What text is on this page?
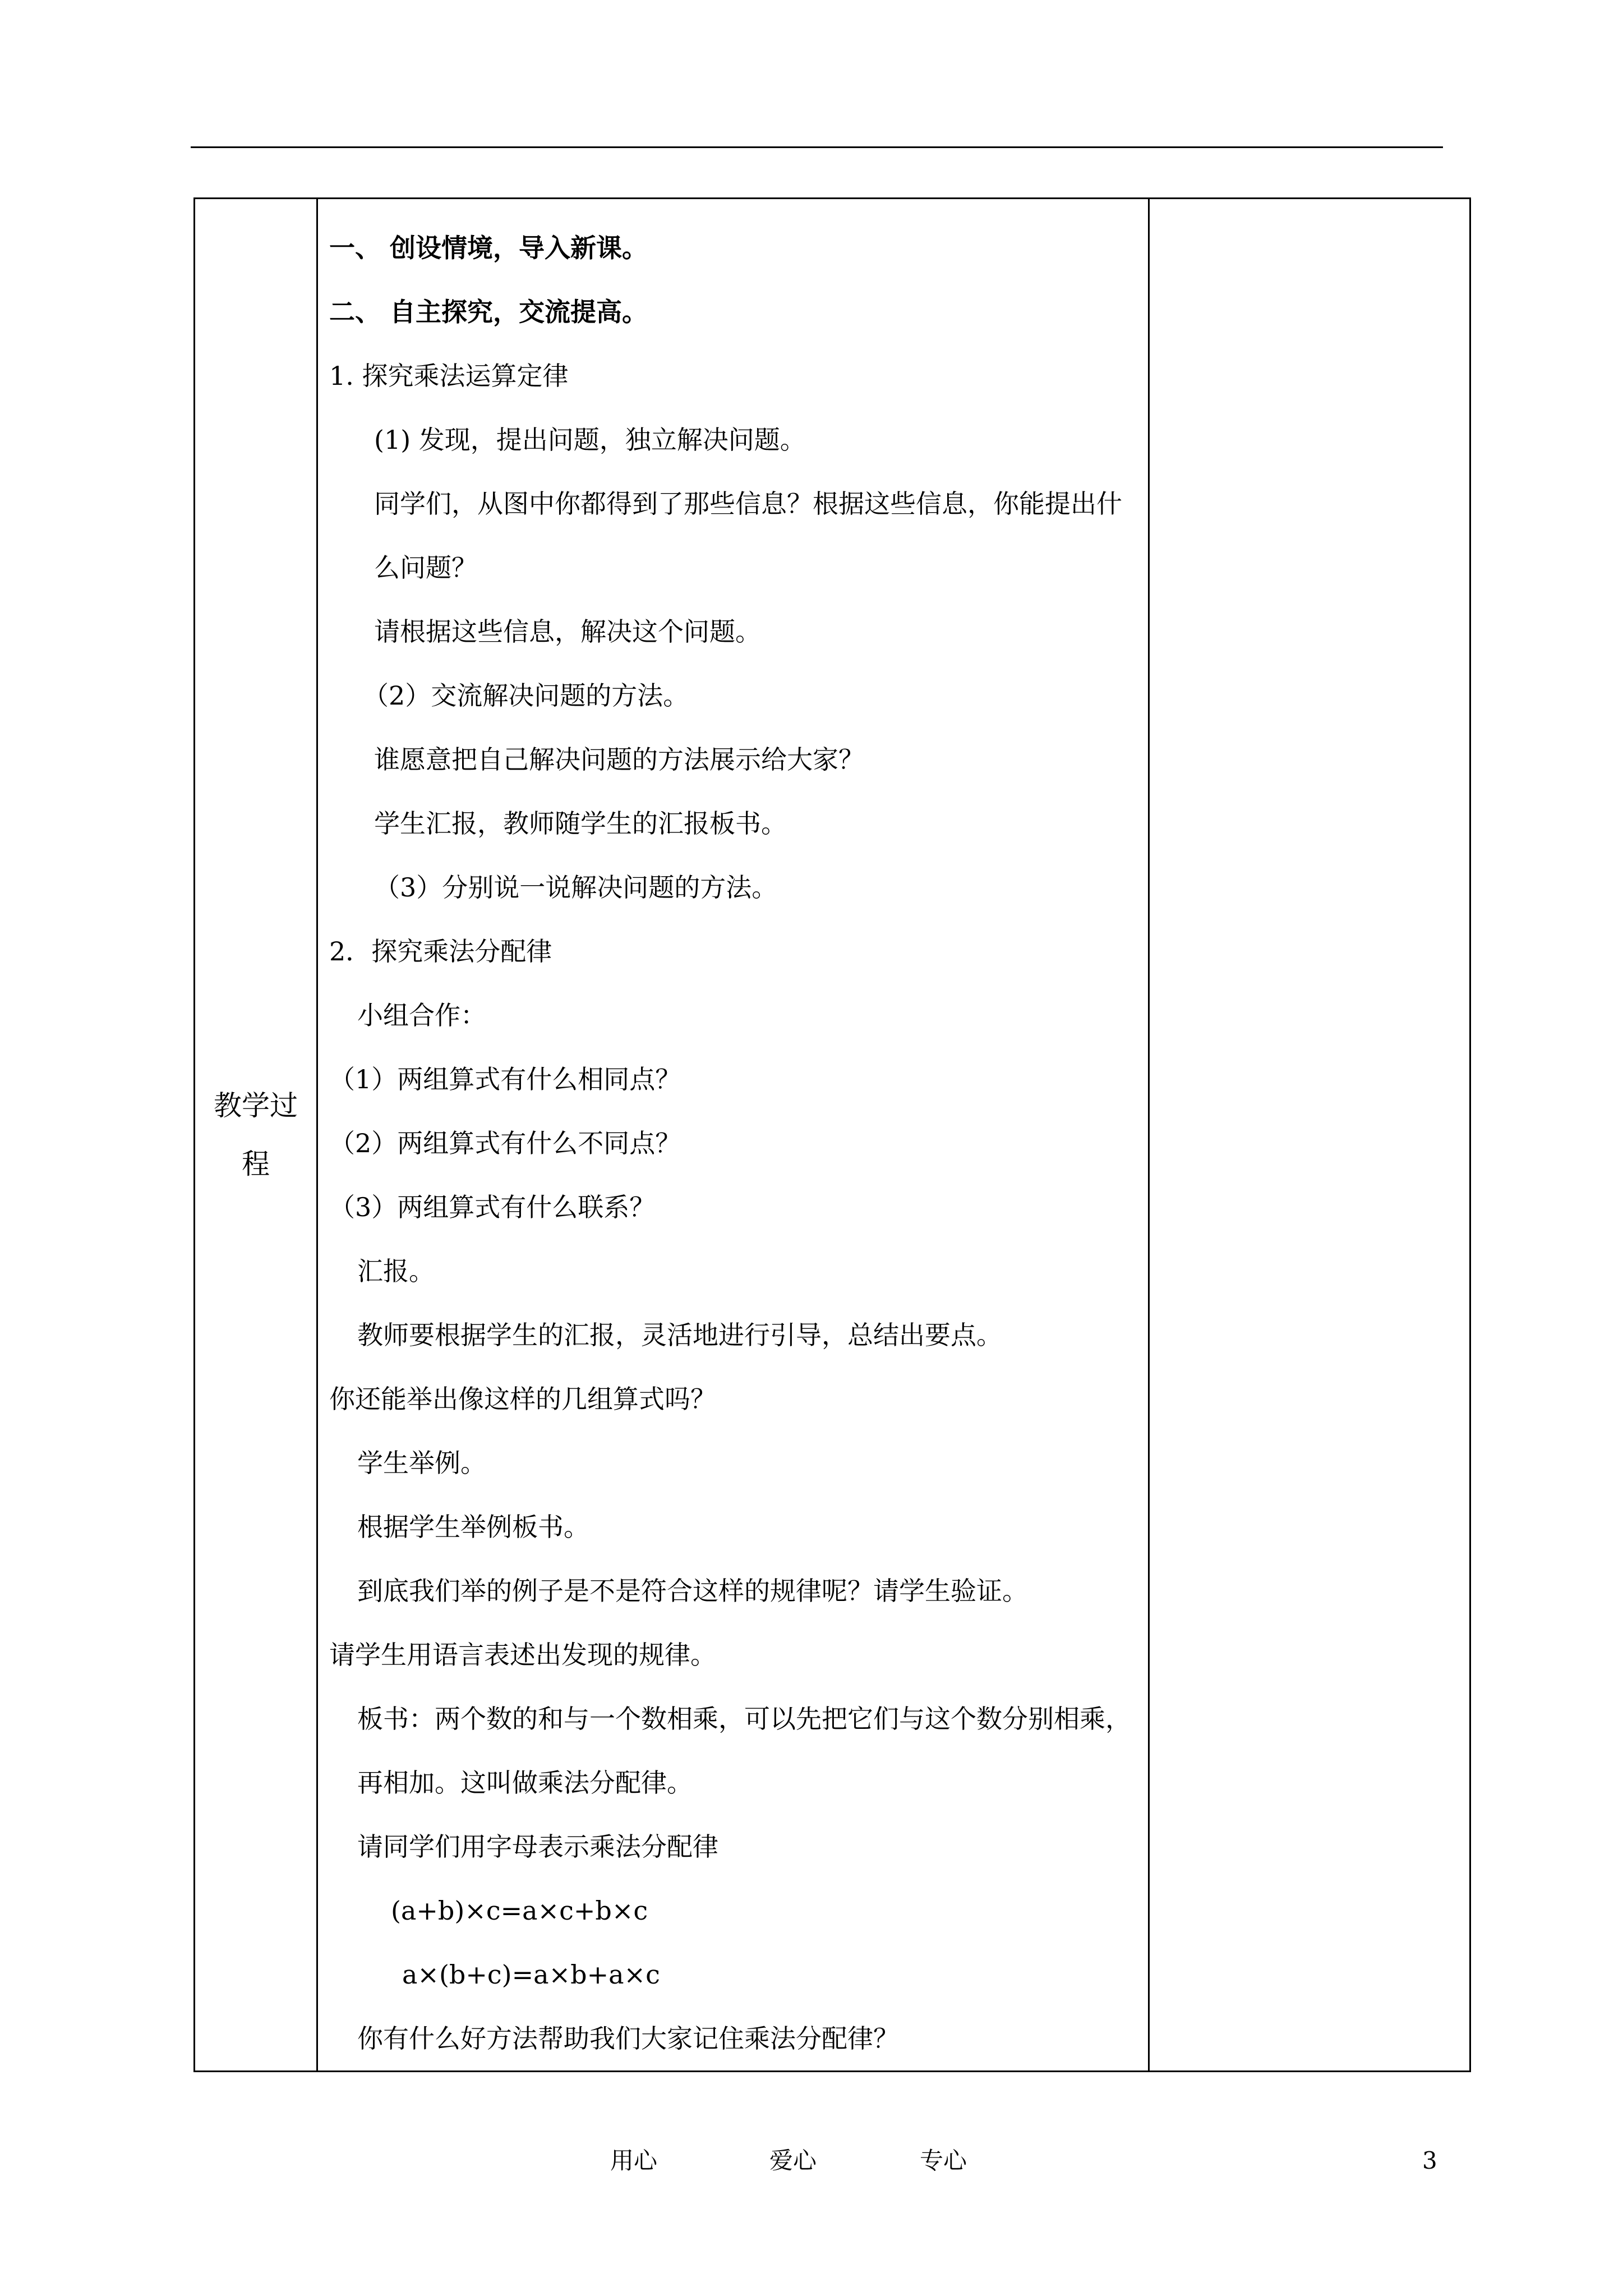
教学过程	
一、 创设情境，导入新课。
二、 自主探究，交流提高。
1. 探究乘法运算定律
(1) 发现，提出问题，独立解决问题。
同学们，从图中你都得到了那些信息？根据这些信息，你能提出什么问题？
请根据这些信息，解决这个问题。
（2）交流解决问题的方法。
谁愿意把自己解决问题的方法展示给大家？
学生汇报，教师随学生的汇报板书。
（3）分别说一说解决问题的方法。
2．探究乘法分配律
小组合作：
（1）两组算式有什么相同点？
（2）两组算式有什么不同点？
（3）两组算式有什么联系？
汇报。
教师要根据学生的汇报，灵活地进行引导，总结出要点。
你还能举出像这样的几组算式吗？
学生举例。
根据学生举例板书。
到底我们举的例子是不是符合这样的规律呢？请学生验证。
请学生用语言表述出发现的规律。
板书：两个数的和与一个数相乘，可以先把它们与这个数分别相乘，再相加。这叫做乘法分配律。
请同学们用字母表示乘法分配律
(a+b)×c=a×c+b×c
a×(b+c)=a×b+a×c
你有什么好方法帮助我们大家记住乘法分配律？

用心	爱心	专心	3
